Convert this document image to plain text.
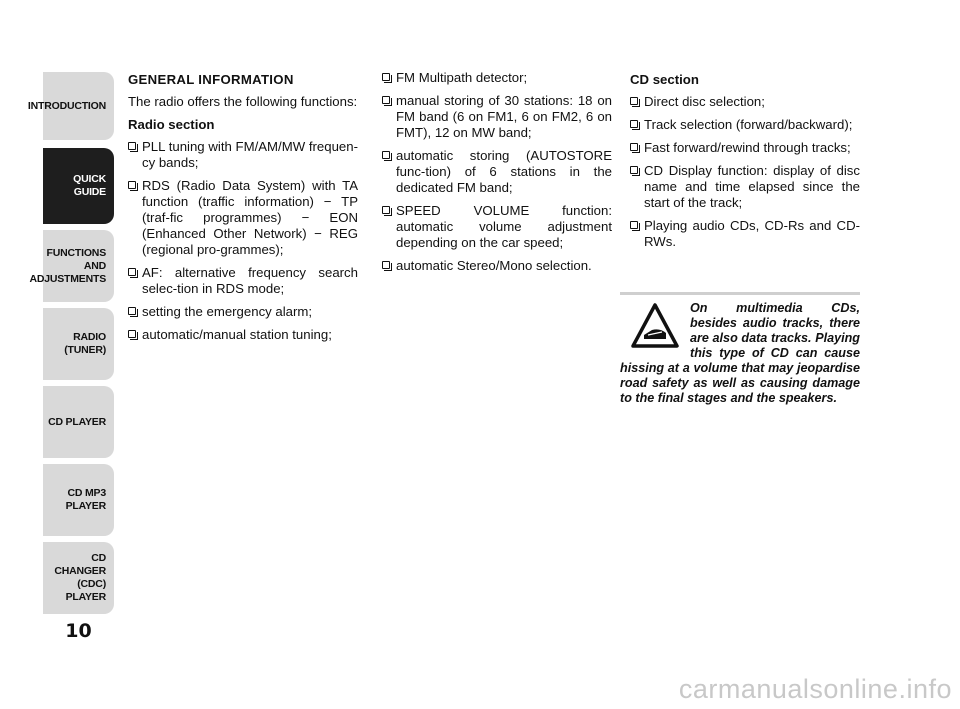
INTRODUCTION
QUICK
GUIDE
FUNCTIONS
AND
ADJUSTMENTS
RADIO
(TUNER)
CD PLAYER
CD MP3
PLAYER
CD CHANGER
(CDC) PLAYER
10
GENERAL INFORMATION
The radio offers the following functions:
Radio section
PLL tuning with FM/AM/MW frequen-cy bands;
RDS (Radio Data System) with TA function (traffic information) − TP (traf-fic programmes) − EON (Enhanced Other Network) − REG (regional pro-grammes);
AF: alternative frequency search selec-tion in RDS mode;
setting the emergency alarm;
automatic/manual station tuning;
FM Multipath detector;
manual storing of 30 stations: 18 on FM band (6 on FM1, 6 on FM2, 6 on FMT), 12 on MW band;
automatic storing (AUTOSTORE func-tion) of 6 stations in the dedicated FM band;
SPEED VOLUME function: automatic volume adjustment depending on the car speed;
automatic Stereo/Mono selection.
CD section
Direct disc selection;
Track selection (forward/backward);
Fast forward/rewind through tracks;
CD Display function: display of disc name and time elapsed since the start of the track;
Playing audio CDs, CD-Rs and CD-RWs.
On multimedia CDs, besides audio tracks, there are also data tracks. Playing this type of CD can cause hissing at a volume that may jeopardise road safety as well as causing damage to the final stages and the speakers.
carmanualsonline.info
